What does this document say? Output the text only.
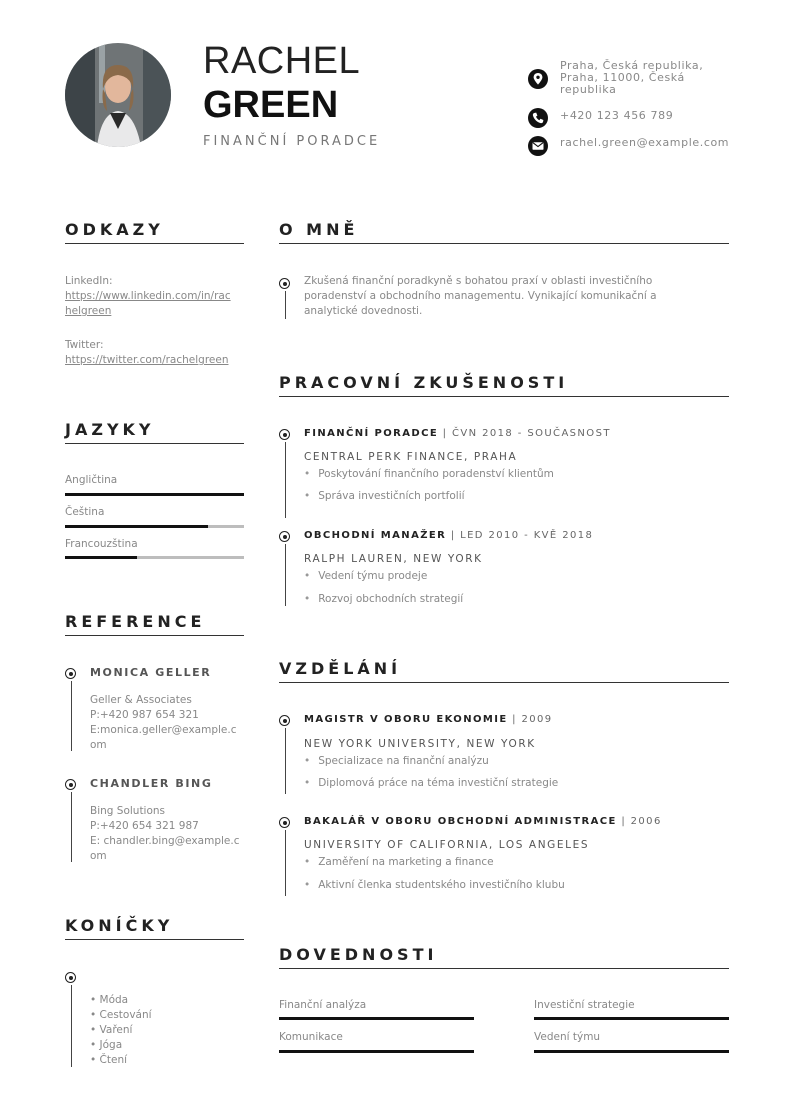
RACHEL
GREEN
FINANČNÍ PORADCE
Praha, Česká republika,
Praha, 11000, Česká
republika
+420 123 456 789
rachel.green@example.com
ODKAZY
LinkedIn:
https://www.linkedin.com/in/rac
helgreen
Twitter:
https://twitter.com/rachelgreen
JAZYKY
Angličtina
Čeština
Francouzština
REFERENCE
MONICA GELLER
Geller & Associates
P:+420 987 654 321
E:monica.geller@example.c
om
CHANDLER BING
Bing Solutions
P:+420 654 321 987
E: chandler.bing@example.c
om
KONÍČKY
• Móda
• Cestování
• Vaření
• Jóga
• Čtení
O MNĚ
Zkušená finanční poradkyně s bohatou praxí v oblasti investičního
poradenství a obchodního managementu. Vynikající komunikační a
analytické dovednosti.
PRACOVNÍ ZKUŠENOSTI
FINANČNÍ PORADCE | ČVN 2018 - SOUČASNOST
CENTRAL PERK FINANCE, PRAHA
• Poskytování finančního poradenství klientům
• Správa investičních portfolií
OBCHODNÍ MANAŽER | LED 2010 - KVĚ 2018
RALPH LAUREN, NEW YORK
• Vedení týmu prodeje
• Rozvoj obchodních strategií
VZDĚLÁNÍ
MAGISTR V OBORU EKONOMIE | 2009
NEW YORK UNIVERSITY, NEW YORK
• Specializace na finanční analýzu
• Diplomová práce na téma investiční strategie
BAKALÁŘ V OBORU OBCHODNÍ ADMINISTRACE | 2006
UNIVERSITY OF CALIFORNIA, LOS ANGELES
• Zaměření na marketing a finance
• Aktivní členka studentského investičního klubu
DOVEDNOSTI
Finanční analýza	Investiční strategie
Komunikace	Vedení týmu
